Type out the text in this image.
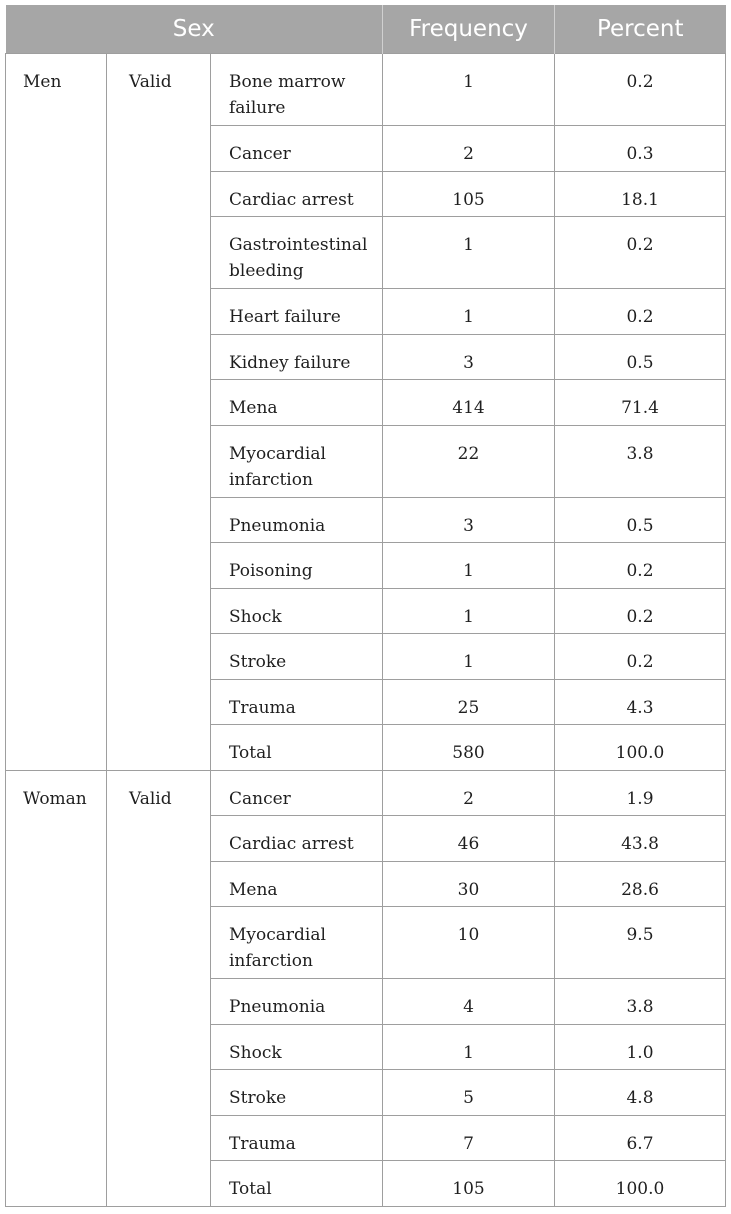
Sex			Frequency	Percent
Men	Valid	Bone marrow failure	1	0.2
		Cancer	2	0.3
		Cardiac arrest	105	18.1
		Gastrointestinal bleeding	1	0.2
		Heart failure	1	0.2
		Kidney failure	3	0.5
		Mena	414	71.4
		Myocardial infarction	22	3.8
		Pneumonia	3	0.5
		Poisoning	1	0.2
		Shock	1	0.2
		Stroke	1	0.2
		Trauma	25	4.3
		Total	580	100.0
Woman	Valid	Cancer	2	1.9
		Cardiac arrest	46	43.8
		Mena	30	28.6
		Myocardial infarction	10	9.5
		Pneumonia	4	3.8
		Shock	1	1.0
		Stroke	5	4.8
		Trauma	7	6.7
		Total	105	100.0
